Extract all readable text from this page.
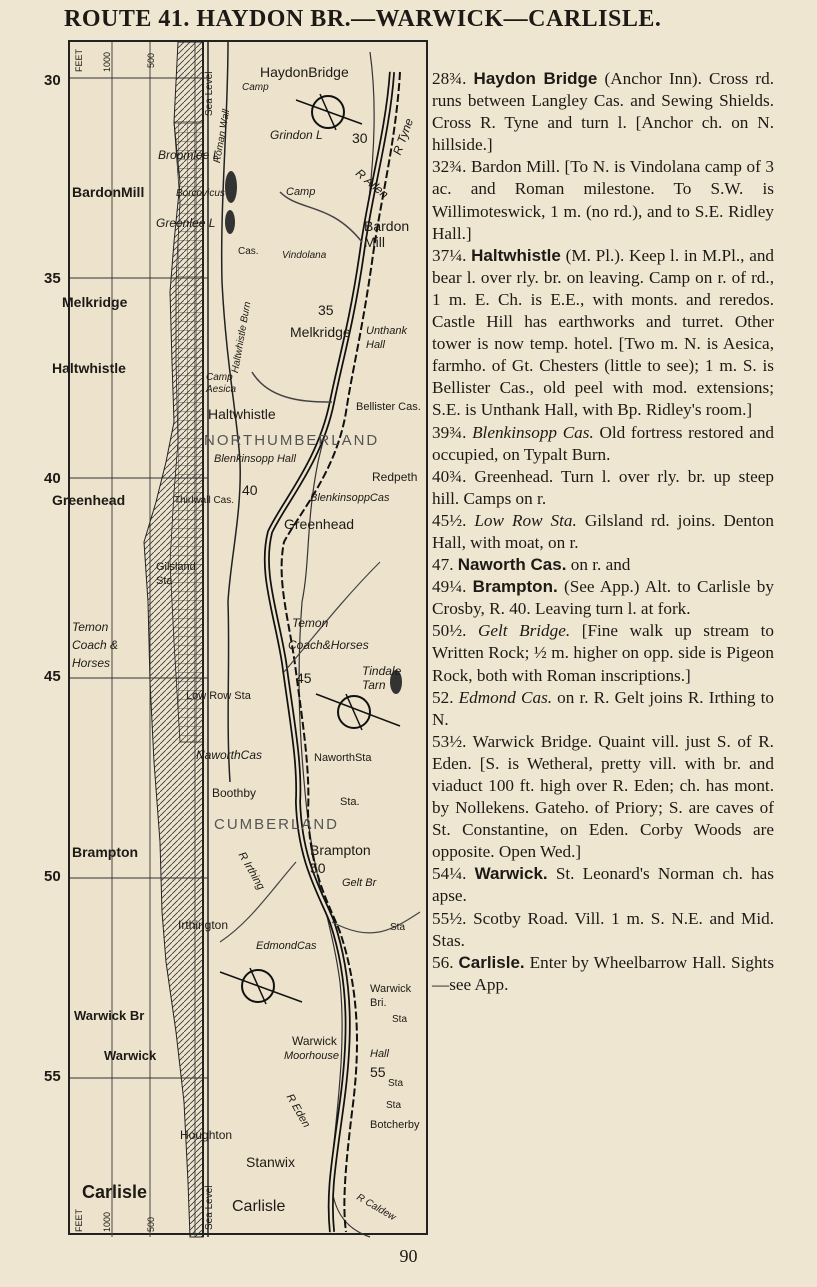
ROUTE 41. HAYDON BR.—WARWICK—CARLISLE.
FEET 1000	500
Sea Level
FEET 1000	500	Sea Level
BardonMill
Melkridge
Haltwhistle
Greenhead
Brampton
Warwick Br
Warwick
Carlisle
Broomlee L
Greenlee L
Temon Coach & Horses
HaydonBridge
Camp
Roman Wall	Grindon L 30 R Tyne
R Allen
Borcovicus	Camp
Bardon Mill
Cas. Vindolana
35
Haltwhistle Burn	Melkridge Unthank Hall
Camp Aesica
Haltwhistle	Bellister Cas.
NORTHUMBERLAND
Blenkinsopp Hall
Redpeth
40	BlenkinsoppCas
Thirlwall Cas.
Greenhead
Gilsland Sta
Temon
Coach&Horses
Tindale Tarn
45
Low Row Sta
NaworthCas	NaworthSta
Boothby
Sta.
CUMBERLAND
R Irthing	Brampton
50
Gelt Br
Irthington	Sta
EdmondCas
Warwick Bri.
Sta
Warwick
Moorhouse	Hall
55
Sta
Sta
R Eden	Botcherby
Houghton
Stanwix
Carlisle	R Caldew
30
35
40
45
50
55

28¾. Haydon Bridge (Anchor Inn). Cross rd. runs between Langley Cas. and Sewing Shields. Cross R. Tyne and turn l. [Anchor ch. on N. hillside.]

32¾. Bardon Mill. [To N. is Vindolana camp of 3 ac. and Roman milestone. To S.W. is Willimoteswick, 1 m. (no rd.), and to S.E. Ridley Hall.]

37¼. Haltwhistle (M. Pl.). Keep l. in M.Pl., and bear l. over rly. br. on leaving. Camp on r. of rd., 1 m. E. Ch. is E.E., with monts. and reredos. Castle Hill has earthworks and turret. Other tower is now temp. hotel. [Two m. N. is Aesica, farmho. of Gt. Chesters (little to see); 1 m. S. is Bellister Cas., old peel with mod. extensions; S.E. is Unthank Hall, with Bp. Ridley's room.]

39¾. Blenkinsopp Cas. Old fortress restored and occupied, on Typalt Burn.

40¾. Greenhead. Turn l. over rly. br. up steep hill. Camps on r.

45½. Low Row Sta. Gilsland rd. joins. Denton Hall, with moat, on r.

47. Naworth Cas. on r. and

49¼. Brampton. (See App.) Alt. to Carlisle by Crosby, R. 40. Leaving turn l. at fork.

50½. Gelt Bridge. [Fine walk up stream to Written Rock; ½ m. higher on opp. side is Pigeon Rock, both with Roman inscriptions.]

52. Edmond Cas. on r. R. Gelt joins R. Irthing to N.

53½. Warwick Bridge. Quaint vill. just S. of R. Eden. [S. is Wetheral, pretty vill. with br. and viaduct 100 ft. high over R. Eden; ch. has mont. by Nollekens. Gateho. of Priory; S. are caves of St. Constantine, on Eden. Corby Woods are opposite. Open Wed.]

54¼. Warwick. St. Leonard's Norman ch. has apse.

55½. Scotby Road. Vill. 1 m. S. N.E. and Mid. Stas.

56. Carlisle. Enter by Wheelbarrow Hall. Sights—see App.

90
